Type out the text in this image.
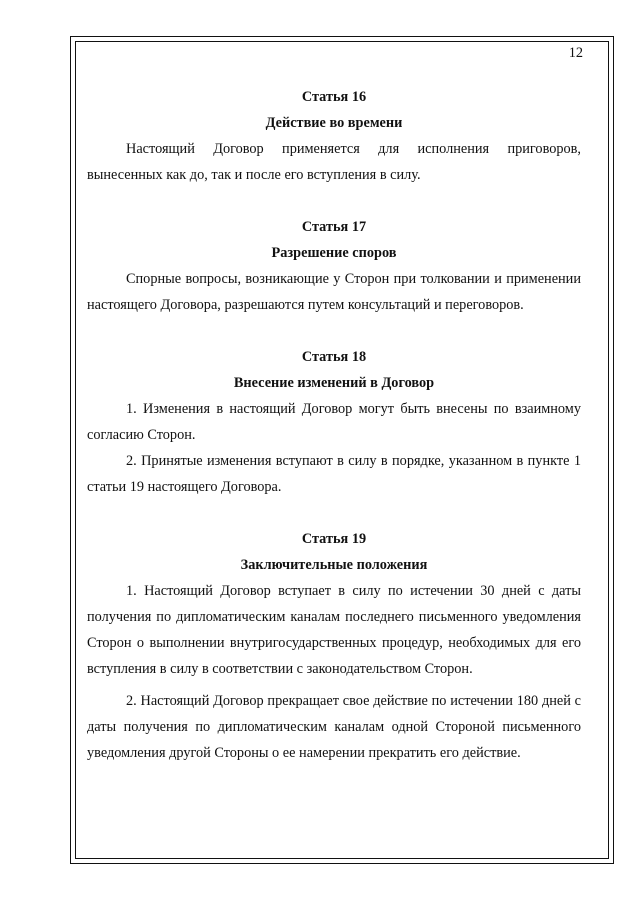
12
Статья 16
Действие во времени

Настоящий Договор применяется для исполнения приговоров, вынесенных как до, так и после его вступления в силу.

Статья 17
Разрешение споров

Спорные вопросы, возникающие у Сторон при толковании и применении настоящего Договора, разрешаются путем консультаций и переговоров.

Статья 18
Внесение изменений в Договор

1. Изменения в настоящий Договор могут быть внесены по взаимному согласию Сторон.

2. Принятые изменения вступают в силу в порядке, указанном в пункте 1 статьи 19 настоящего Договора.

Статья 19
Заключительные положения

1. Настоящий Договор вступает в силу по истечении 30 дней с даты получения по дипломатическим каналам последнего письменного уведомления Сторон о выполнении внутригосударственных процедур, необходимых для его вступления в силу в соответствии с законодательством Сторон.

2. Настоящий Договор прекращает свое действие по истечении 180 дней с даты получения по дипломатическим каналам одной Стороной письменного уведомления другой Стороны о ее намерении прекратить его действие.
